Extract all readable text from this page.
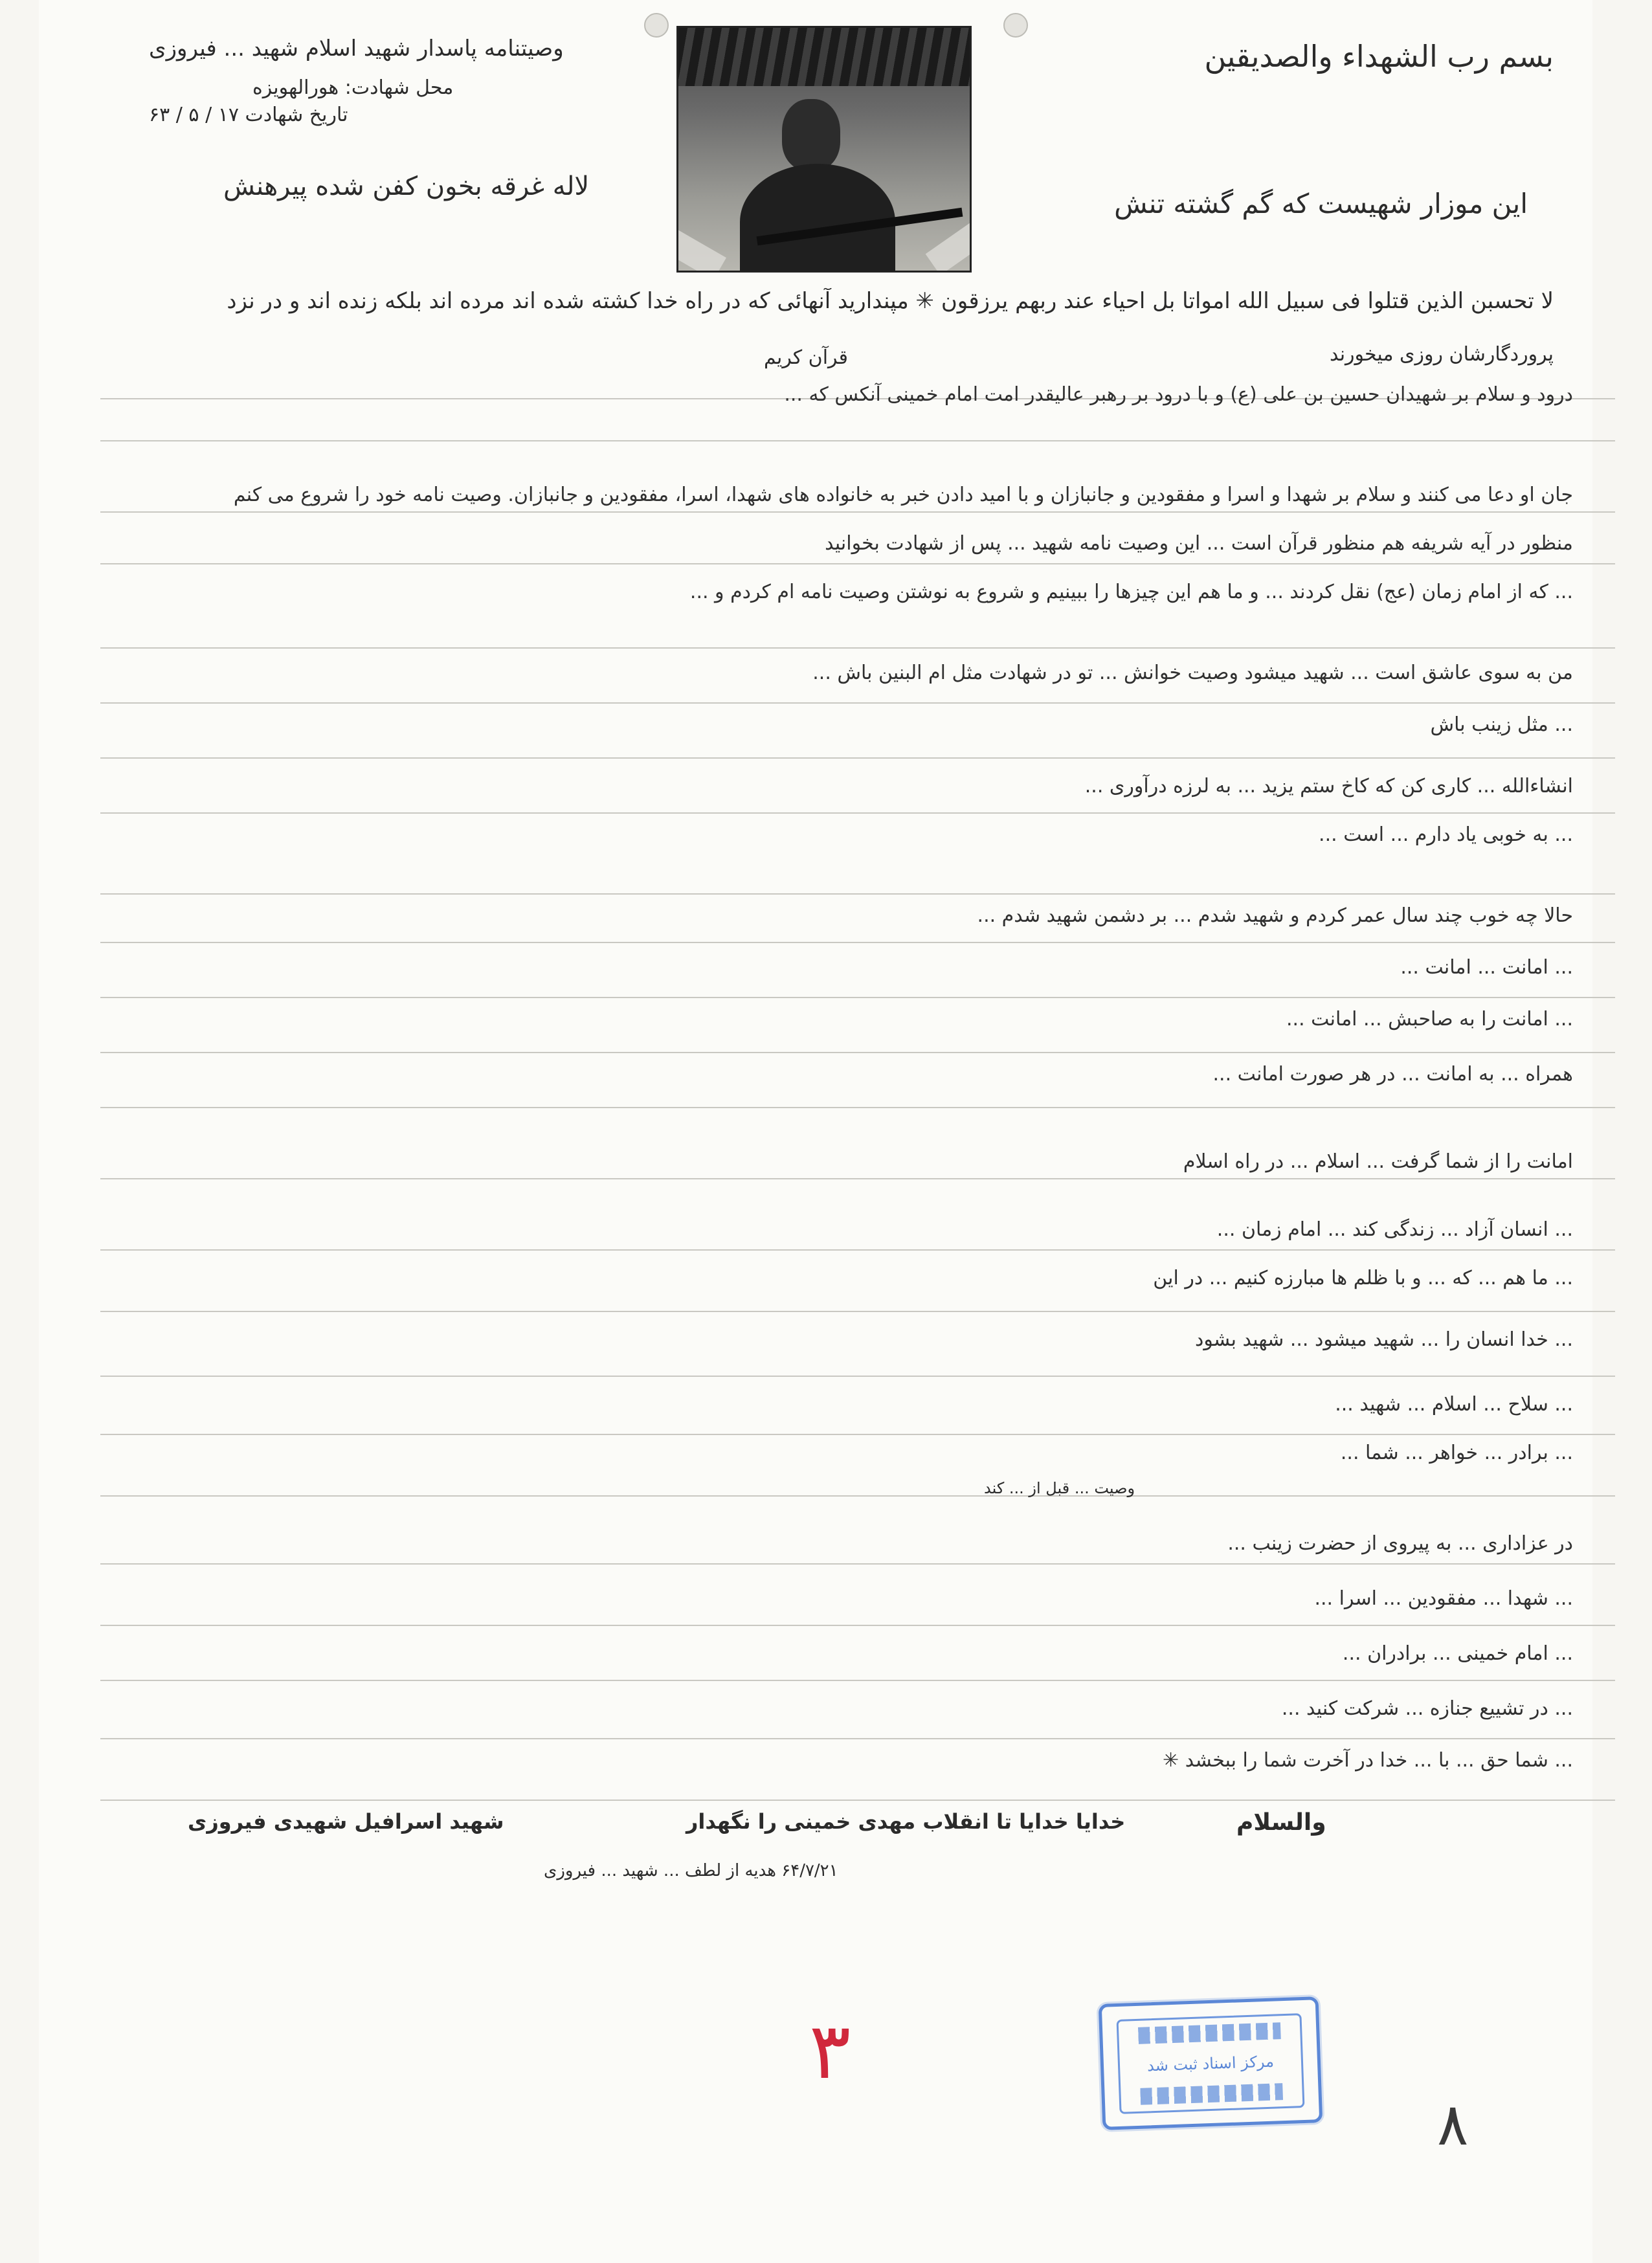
بسم رب الشهداء والصدیقین
وصیتنامه پاسدار شهید اسلام شهید ... فیروزی
محل شهادت: هورالهویزه
تاریخ شهادت ۱۷ / ۵ / ۶۳
این موزار شهیست که گم گشته تنش
لاله غرقه بخون کفن شده پیرهنش
لا تحسبن الذین قتلوا فی سبیل الله امواتا بل احیاء عند ربهم یرزقون ✳ مپندارید آنهائی که در راه خدا کشته شده اند مرده اند بلکه زنده اند و در نزد
پروردگارشان روزی میخورند
قرآن کریم
درود و سلام بر شهیدان حسین بن علی (ع) و با درود بر رهبر عالیقدر امت امام خمینی آنکس که ...
جان او دعا می کنند و سلام بر شهدا و اسرا و مفقودین و جانبازان و با امید دادن خبر به خانواده های شهدا، اسرا، مفقودین و جانبازان. وصیت نامه خود را شروع می کنم
منظور در آیه شریفه هم منظور قرآن است ... این وصیت نامه شهید ... پس از شهادت بخوانید
... که از امام زمان (عج) نقل کردند ... و ما هم این چیزها را ببینیم و شروع به نوشتن وصیت نامه ام کردم و ...
من به سوی عاشق است ... شهید میشود وصیت خوانش ... تو در شهادت مثل ام البنین باش ...
... مثل زینب باش
انشاءالله ... کاری کن که کاخ ستم یزید ... به لرزه درآوری ...
... به خوبی یاد دارم ... است ...
حالا چه خوب چند سال عمر کردم و شهید شدم ... بر دشمن شهید شدم ...
... امانت ... امانت ...
... امانت را به صاحبش ... امانت ...
همراه ... به امانت ... در هر صورت امانت ...
امانت را از شما گرفت ... اسلام ... در راه اسلام
... انسان آزاد ... زندگی کند ... امام زمان ...
... ما هم ... که ... و با ظلم ها مبارزه کنیم ... در این
... خدا انسان را ... شهید میشود ... شهید بشود
... سلاح ... اسلام ... شهید ...
... برادر ... خواهر ... شما ...
در عزاداری ... به پیروی از حضرت زینب ...
... شهدا ... مفقودین ... اسرا ...
... امام خمینی ... برادران ...
... در تشییع جنازه ... شرکت کنید ...
... شما حق ... با ... خدا در آخرت شما را ببخشد ✳
وصیت ... قبل از ... کند
والسلام
خدایا خدایا تا انقلاب مهدی خمینی را نگهدار
شهید اسرافیل شهیدی فیروزی
۶۴/۷/۲۱ هدیه از لطف ... شهید ... فیروزی
مرکز اسناد ثبت شد
۳
۸
